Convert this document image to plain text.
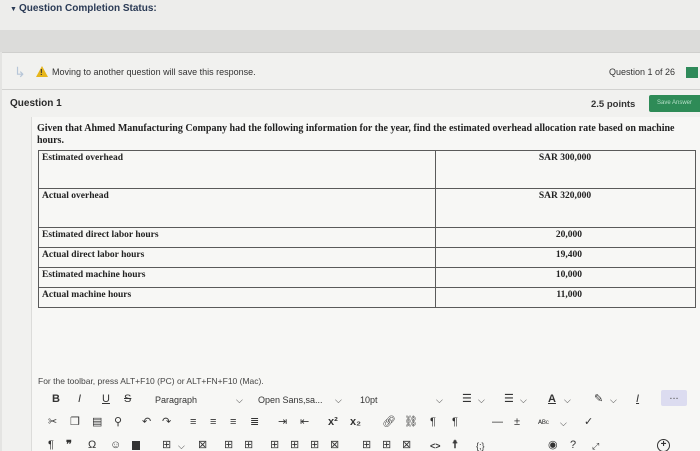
▼ Question Completion Status:
↳ ! Moving to another question will save this response.	Question 1 of 26
Question 1	2.5 points	Save Answer
Given that Ahmed Manufacturing Company had the following information for the year, find the estimated overhead allocation rate based on machine hours.
Estimated overhead	SAR 300,000
Actual overhead	SAR 320,000
Estimated direct labor hours	20,000
Actual direct labor hours	19,400
Estimated machine hours	10,000
Actual machine hours	11,000
For the toolbar, press ALT+F10 (PC) or ALT+FN+F10 (Mac).
B I U S	Paragraph	⌵ Open Sans,sa... ⌵ 10pt	⌵ ☰ ⌵ ☰ ⌵ A ⌵ ✎ ⌵ I	...
✂ ❐ ▤ ⚲ ↶ ↷ ≡ ≡ ≡ ≣ ⇥ ⇤ x² x₂ 🔗︎ ⛓ ¶ ¶	— ± ᴬᴮᶜ ⌵ ✓
¶ ❞ Ω ☺	⊞ ⌵ ⊠ ⊞ ⊞ ⊞ ⊞ ⊞ ⊠ ⊞ ⊞ ⊠ <> ☨ {;}	◉ ? ⤢	+
